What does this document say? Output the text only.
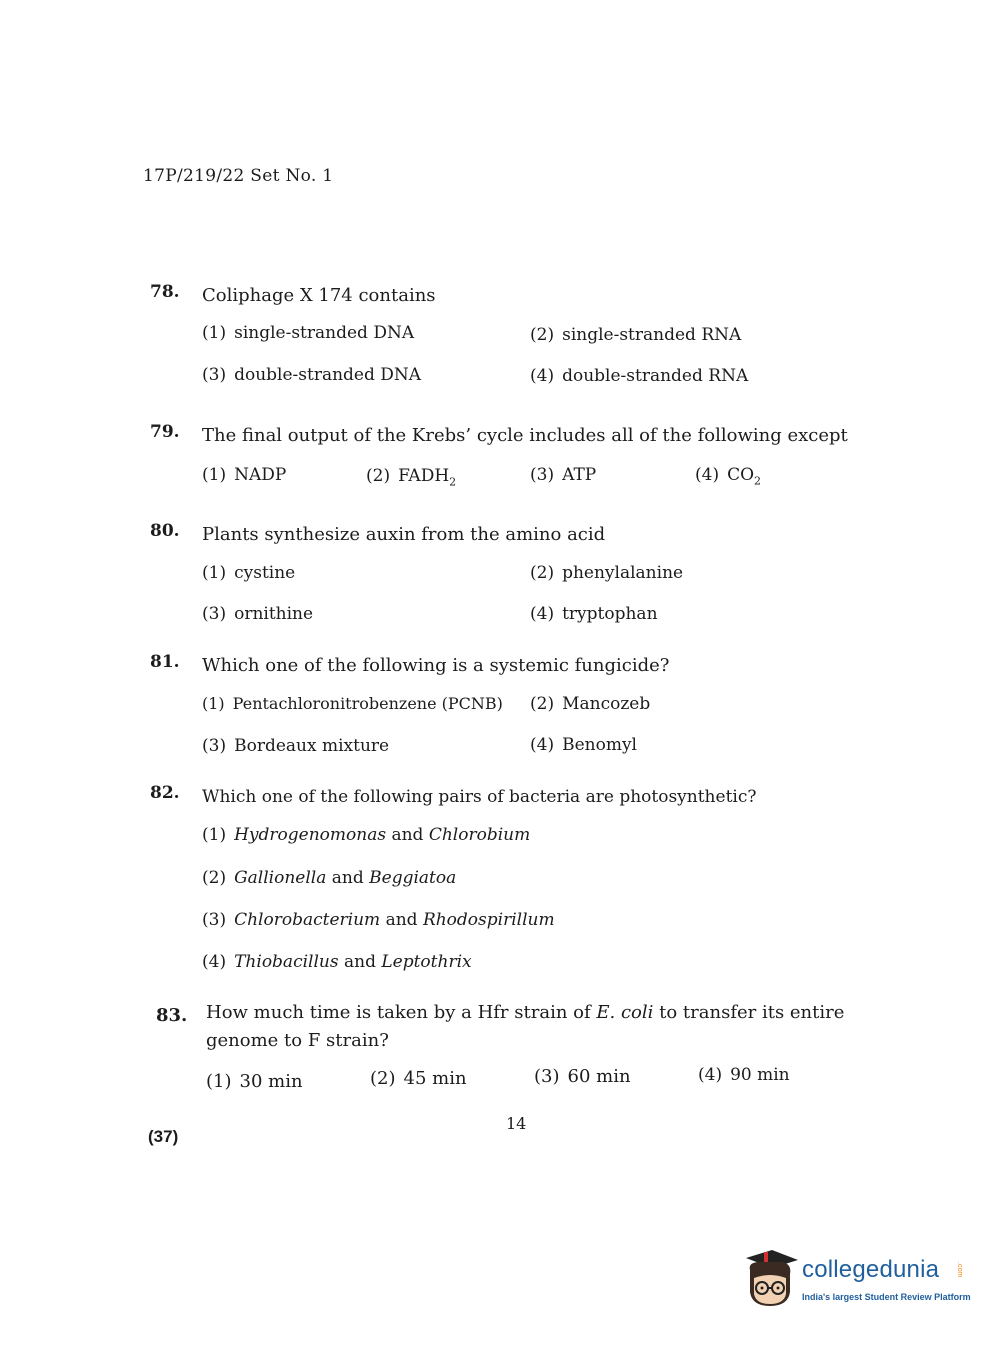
17P/219/22 Set No. 1
78. Coliphage X 174 contains
(1) single-stranded DNA	(2) single-stranded RNA
(3) double-stranded DNA	(4) double-stranded RNA
79. The final output of the Krebs’ cycle includes all of the following except
(1) NADP	(2) $FADH_2$	(3) ATP	(4) $CO_2$
80. Plants synthesize auxin from the amino acid
(1) cystine	(2) phenylalanine
(3) ornithine	(4) tryptophan
81. Which one of the following is a systemic fungicide?
(1) Pentachloronitrobenzene (PCNB) (2) Mancozeb
(3) Bordeaux mixture	(4) Benomyl
82. Which one of the following pairs of bacteria are photosynthetic?
(1) Hydrogenomonas and Chlorobium
(2) Gallionella and Beggiatoa
(3) Chlorobacterium and Rhodospirillum
(4) Thiobacillus and Leptothrix
83. How much time is taken by a Hfr strain of E. coli to transfer its entire genome to F strain?
(1) 30 min	(2) 45 min	(3) 60 min	(4) 90 min
14
(37)
collegedunia .com
India's largest Student Review Platform
